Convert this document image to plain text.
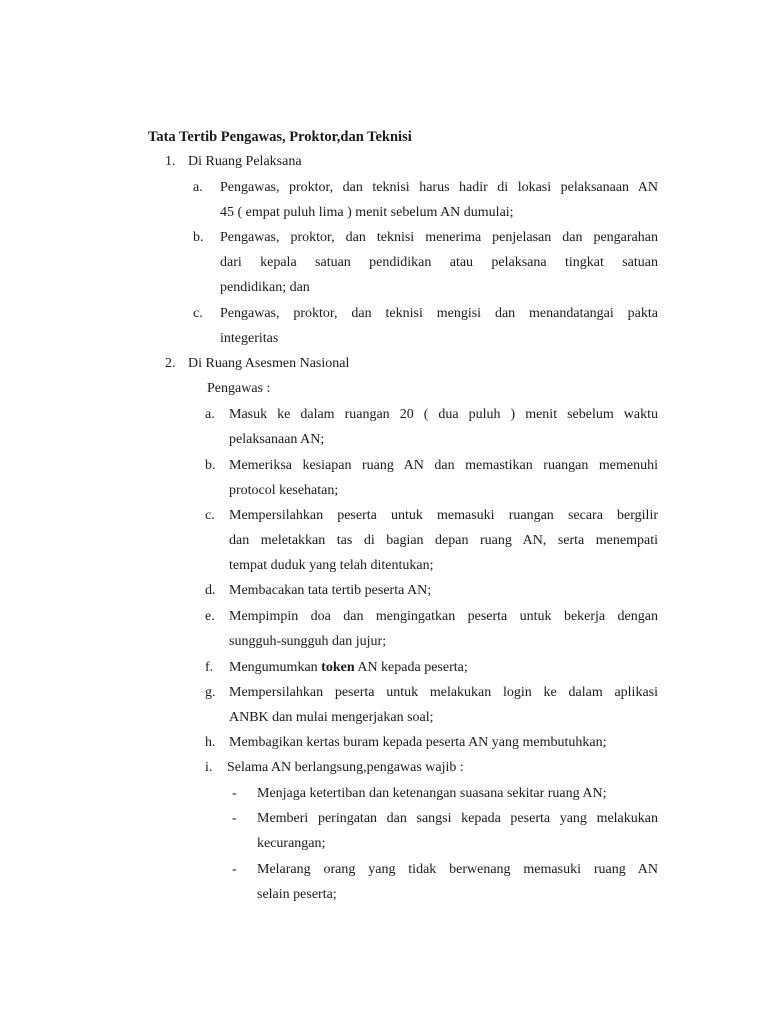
Tata Tertib Pengawas, Proktor,dan Teknisi
1. Di Ruang Pelaksana
a. Pengawas, proktor, dan teknisi harus hadir di lokasi pelaksanaan AN
45 ( empat puluh lima ) menit sebelum AN dumulai;
b. Pengawas, proktor, dan teknisi menerima penjelasan dan pengarahan
dari kepala satuan pendidikan atau pelaksana tingkat satuan
pendidikan; dan
c. Pengawas, proktor, dan teknisi mengisi dan menandatangai pakta
integeritas
2. Di Ruang Asesmen Nasional
Pengawas :
a. Masuk ke dalam ruangan 20 ( dua puluh ) menit sebelum waktu
pelaksanaan AN;
b. Memeriksa kesiapan ruang AN dan memastikan ruangan memenuhi
protocol kesehatan;
c. Mempersilahkan peserta untuk memasuki ruangan secara bergilir
dan meletakkan tas di bagian depan ruang AN, serta menempati
tempat duduk yang telah ditentukan;
d. Membacakan tata tertib peserta AN;
e. Mempimpin doa dan mengingatkan peserta untuk bekerja dengan
sungguh-sungguh dan jujur;
f. Mengumumkan token AN kepada peserta;
g. Mempersilahkan peserta untuk melakukan login ke dalam aplikasi
ANBK dan mulai mengerjakan soal;
h. Membagikan kertas buram kepada peserta AN yang membutuhkan;
i. Selama AN berlangsung,pengawas wajib :
- Menjaga ketertiban dan ketenangan suasana sekitar ruang AN;
- Memberi peringatan dan sangsi kepada peserta yang melakukan
kecurangan;
- Melarang orang yang tidak berwenang memasuki ruang AN
selain peserta;
